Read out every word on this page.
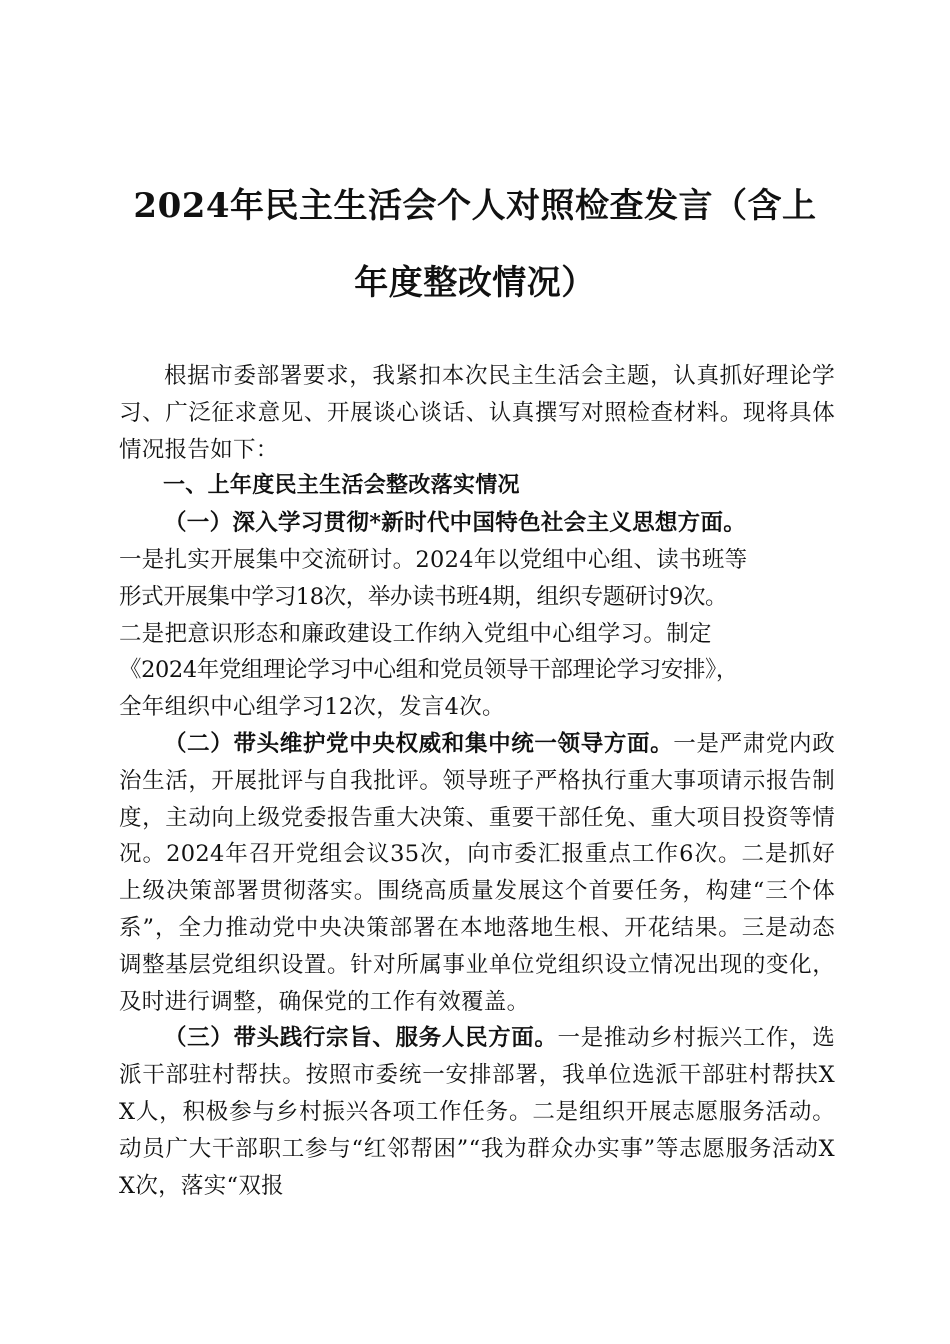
2024年民主生活会个人对照检查发言（含上
年度整改情况）

根据市委部署要求，我紧扣本次民主生活会主题，认真抓好理论学习、广泛征求意见、开展谈心谈话、认真撰写对照检查材料。现将具体情况报告如下：

一、上年度民主生活会整改落实情况

（一）深入学习贯彻*新时代中国特色社会主义思想方面。
一是扎实开展集中交流研讨。2024年以党组中心组、读书班等
形式开展集中学习18次，举办读书班4期，组织专题研讨9次。
二是把意识形态和廉政建设工作纳入党组中心组学习。制定
《2024年党组理论学习中心组和党员领导干部理论学习安排》，
全年组织中心组学习12次，发言4次。

（二）带头维护党中央权威和集中统一领导方面。一是严肃党内政治生活，开展批评与自我批评。领导班子严格执行重大事项请示报告制度，主动向上级党委报告重大决策、重要干部任免、重大项目投资等情况。2024年召开党组会议35次，向市委汇报重点工作6次。二是抓好上级决策部署贯彻落实。围绕高质量发展这个首要任务，构建“三个体系”，全力推动党中央决策部署在本地落地生根、开花结果。三是动态调整基层党组织设置。针对所属事业单位党组织设立情况出现的变化，及时进行调整，确保党的工作有效覆盖。

（三）带头践行宗旨、服务人民方面。一是推动乡村振兴工作，选派干部驻村帮扶。按照市委统一安排部署，我单位选派干部驻村帮扶XX人，积极参与乡村振兴各项工作任务。二是组织开展志愿服务活动。动员广大干部职工参与“红邻帮困”“我为群众办实事”等志愿服务活动XX次，落实“双报
